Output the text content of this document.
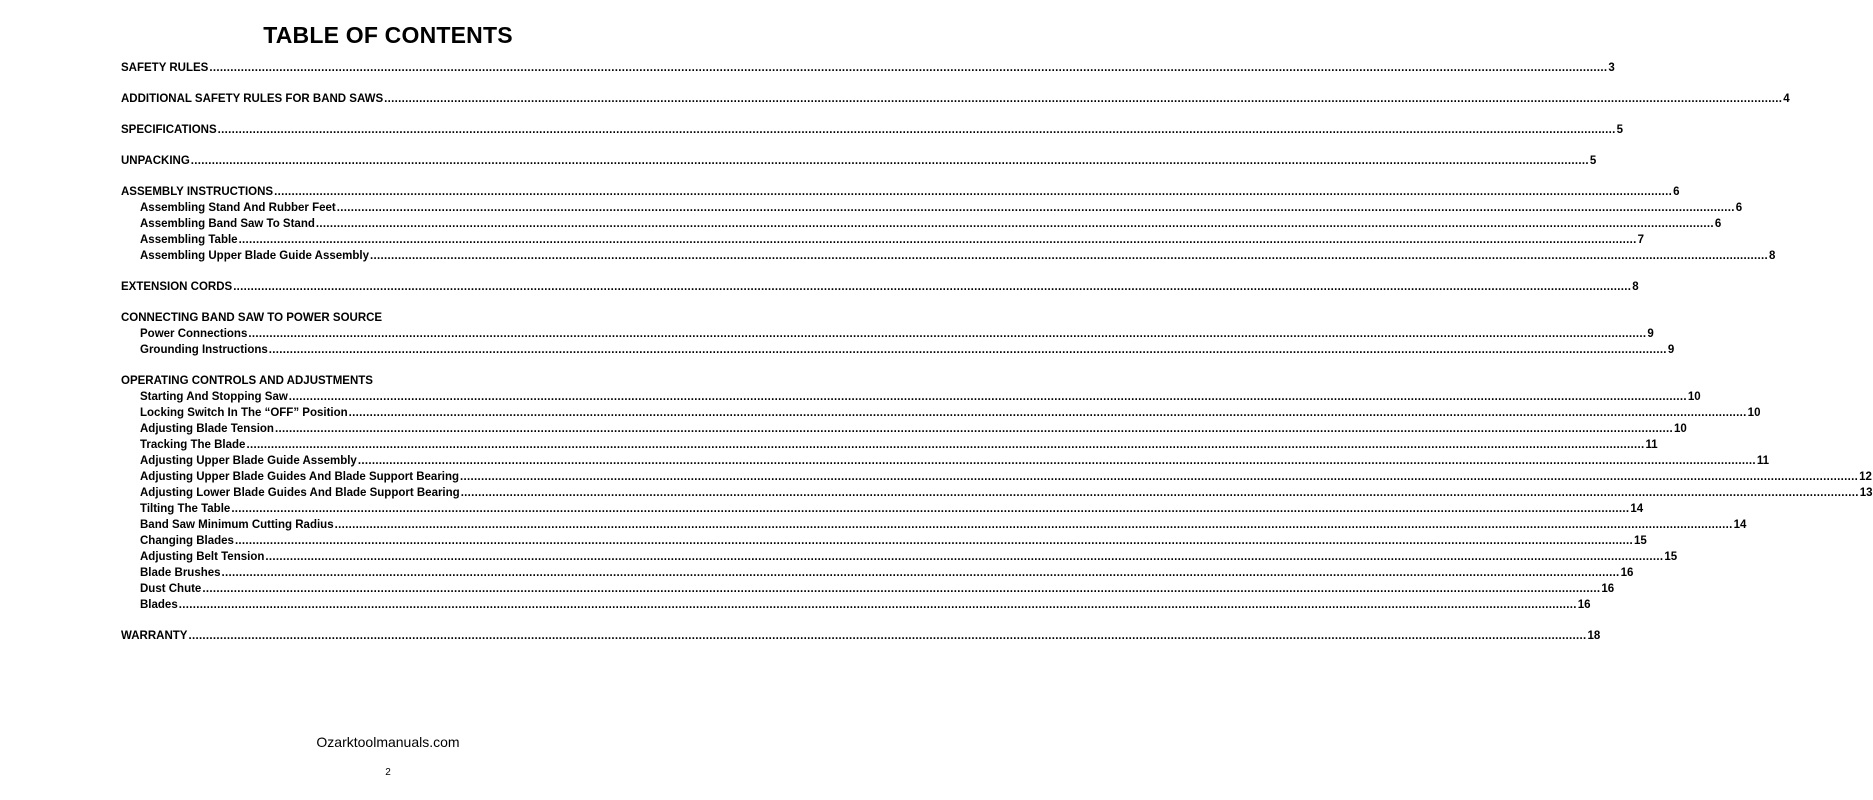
TABLE OF CONTENTS
SAFETY RULES ................................................................................................................................................................................................................................................................................................................................................................................................................ 3
ADDITIONAL SAFETY RULES FOR BAND SAWS ................................................................................................................................................................................................................................................................................................................................................................................................................ 4
SPECIFICATIONS ................................................................................................................................................................................................................................................................................................................................................................................................................ 5
UNPACKING ................................................................................................................................................................................................................................................................................................................................................................................................................ 5
ASSEMBLY INSTRUCTIONS ................................................................................................................................................................................................................................................................................................................................................................................................................ 6
Assembling Stand And Rubber Feet ................................................................................................................................................................................................................................................................................................................................................................................................................ 6
Assembling Band Saw To Stand ................................................................................................................................................................................................................................................................................................................................................................................................................ 6
Assembling Table ................................................................................................................................................................................................................................................................................................................................................................................................................ 7
Assembling Upper Blade Guide Assembly ................................................................................................................................................................................................................................................................................................................................................................................................................ 8
EXTENSION CORDS ................................................................................................................................................................................................................................................................................................................................................................................................................ 8
CONNECTING BAND SAW TO POWER SOURCE
Power Connections ................................................................................................................................................................................................................................................................................................................................................................................................................ 9
Grounding Instructions ................................................................................................................................................................................................................................................................................................................................................................................................................ 9
OPERATING CONTROLS AND ADJUSTMENTS
Starting And Stopping Saw ................................................................................................................................................................................................................................................................................................................................................................................................................ 10
Locking Switch In The “OFF” Position ................................................................................................................................................................................................................................................................................................................................................................................................................ 10
Adjusting Blade Tension ................................................................................................................................................................................................................................................................................................................................................................................................................ 10
Tracking The Blade ................................................................................................................................................................................................................................................................................................................................................................................................................ 11
Adjusting Upper Blade Guide Assembly ................................................................................................................................................................................................................................................................................................................................................................................................................ 11
Adjusting Upper Blade Guides And Blade Support Bearing ................................................................................................................................................................................................................................................................................................................................................................................................................ 12
Adjusting Lower Blade Guides And Blade Support Bearing ................................................................................................................................................................................................................................................................................................................................................................................................................ 13
Tilting The Table ................................................................................................................................................................................................................................................................................................................................................................................................................ 14
Band Saw Minimum Cutting Radius ................................................................................................................................................................................................................................................................................................................................................................................................................ 14
Changing Blades ................................................................................................................................................................................................................................................................................................................................................................................................................ 15
Adjusting Belt Tension ................................................................................................................................................................................................................................................................................................................................................................................................................ 15
Blade Brushes ................................................................................................................................................................................................................................................................................................................................................................................................................ 16
Dust Chute ................................................................................................................................................................................................................................................................................................................................................................................................................ 16
Blades ................................................................................................................................................................................................................................................................................................................................................................................................................ 16
WARRANTY ................................................................................................................................................................................................................................................................................................................................................................................................................ 18
Ozarktoolmanuals.com
2
